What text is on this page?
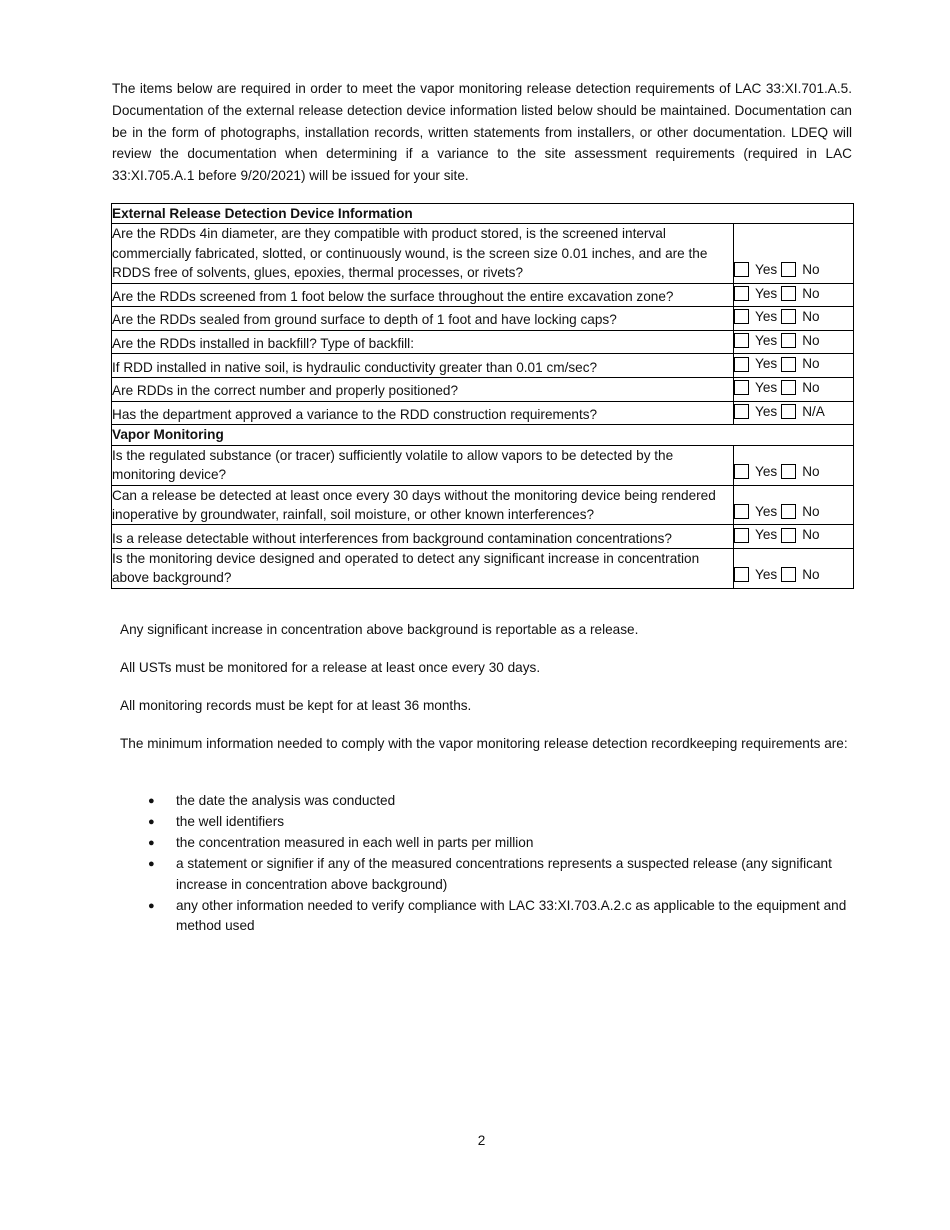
The items below are required in order to meet the vapor monitoring release detection requirements of LAC 33:XI.701.A.5. Documentation of the external release detection device information listed below should be maintained. Documentation can be in the form of photographs, installation records, written statements from installers, or other documentation. LDEQ will review the documentation when determining if a variance to the site assessment requirements (required in LAC 33:XI.705.A.1 before 9/20/2021) will be issued for your site.

External Release Detection Device Information	
Are the RDDs 4in diameter, are they compatible with product stored, is the screened interval commercially fabricated, slotted, or continuously wound, is the screen size 0.01 inches, and are the RDDS free of solvents, glues, epoxies, thermal processes, or rivets?	Yes No

Are the RDDs screened from 1 foot below the surface throughout the entire excavation zone?	Yes No

Are the RDDs sealed from ground surface to depth of 1 foot and have locking caps?	Yes No

Are the RDDs installed in backfill? Type of backfill:	Yes No

If RDD installed in native soil, is hydraulic conductivity greater than 0.01 cm/sec?	Yes No

Are RDDs in the correct number and properly positioned?	Yes No

Has the department approved a variance to the RDD construction requirements?	Yes N/A

Vapor Monitoring	
Is the regulated substance (or tracer) sufficiently volatile to allow vapors to be detected by the monitoring device?	Yes No

Can a release be detected at least once every 30 days without the monitoring device being rendered inoperative by groundwater, rainfall, soil moisture, or other known interferences?	Yes No

Is a release detectable without interferences from background contamination concentrations?	Yes No

Is the monitoring device designed and operated to detect any significant increase in concentration above background?	Yes No

Any significant increase in concentration above background is reportable as a release.

All USTs must be monitored for a release at least once every 30 days.

All monitoring records must be kept for at least 36 months.

The minimum information needed to comply with the vapor monitoring release detection recordkeeping requirements are:

● the date the analysis was conducted
● the well identifiers
● the concentration measured in each well in parts per million
● a statement or signifier if any of the measured concentrations represents a suspected release (any significant increase in concentration above background)
● any other information needed to verify compliance with LAC 33:XI.703.A.2.c as applicable to the equipment and method used
2
